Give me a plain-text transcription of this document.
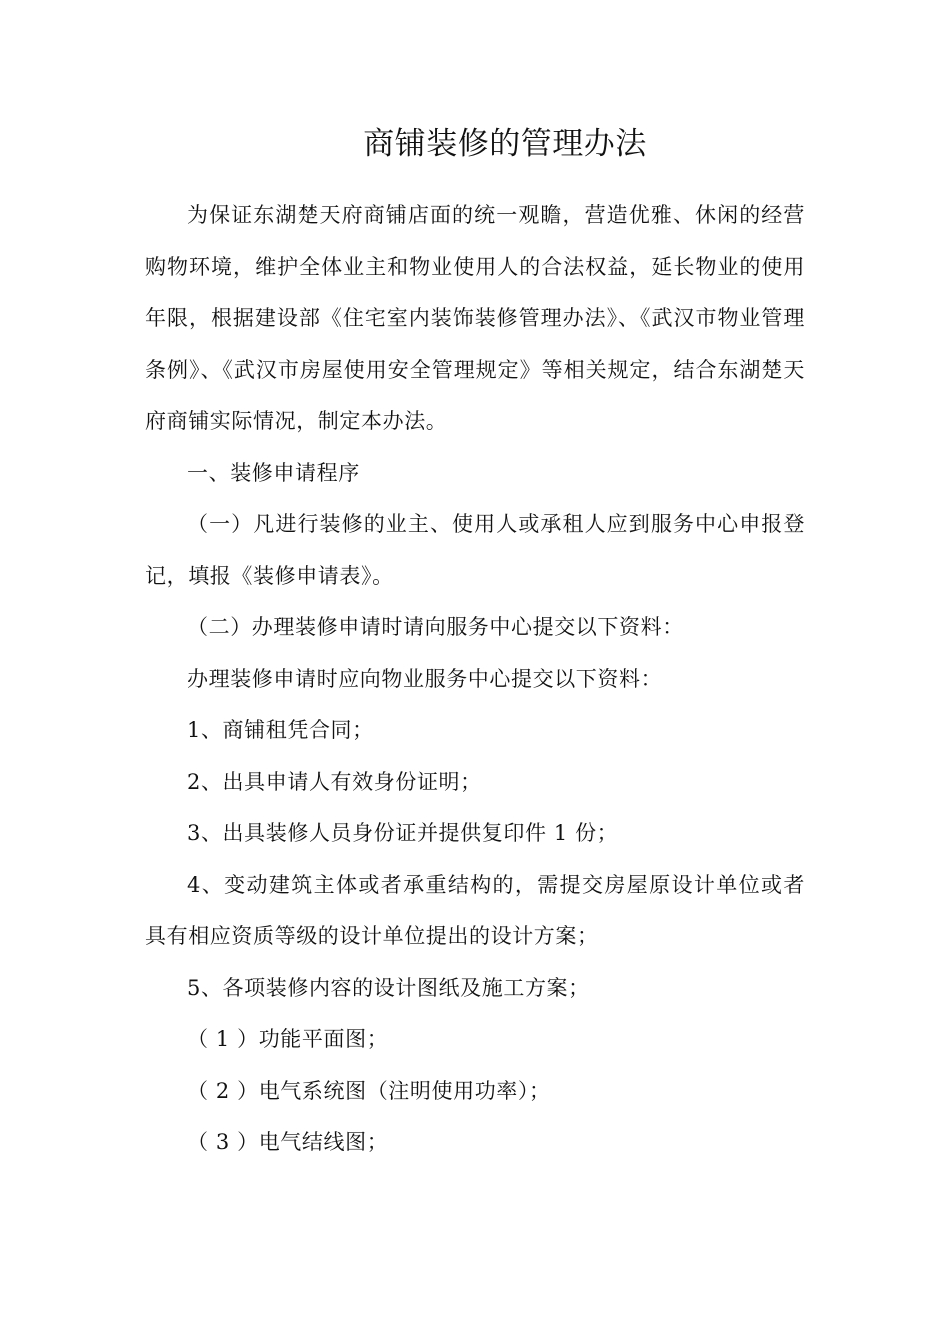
商铺装修的管理办法

为保证东湖楚天府商铺店面的统一观瞻，营造优雅、休闲的经营购物环境，维护全体业主和物业使用人的合法权益，延长物业的使用年限，根据建设部《住宅室内装饰装修管理办法》、《武汉市物业管理条例》、《武汉市房屋使用安全管理规定》等相关规定，结合东湖楚天府商铺实际情况，制定本办法。

一、装修申请程序

（一）凡进行装修的业主、使用人或承租人应到服务中心申报登记，填报《装修申请表》。

（二）办理装修申请时请向服务中心提交以下资料：

办理装修申请时应向物业服务中心提交以下资料：

1、商铺租凭合同；

2、出具申请人有效身份证明；

3、出具装修人员身份证并提供复印件 1 份；

4、变动建筑主体或者承重结构的，需提交房屋原设计单位或者具有相应资质等级的设计单位提出的设计方案；

5、各项装修内容的设计图纸及施工方案；

（ 1 ）功能平面图；

（ 2 ）电气系统图（注明使用功率）；

（ 3 ）电气结线图；
